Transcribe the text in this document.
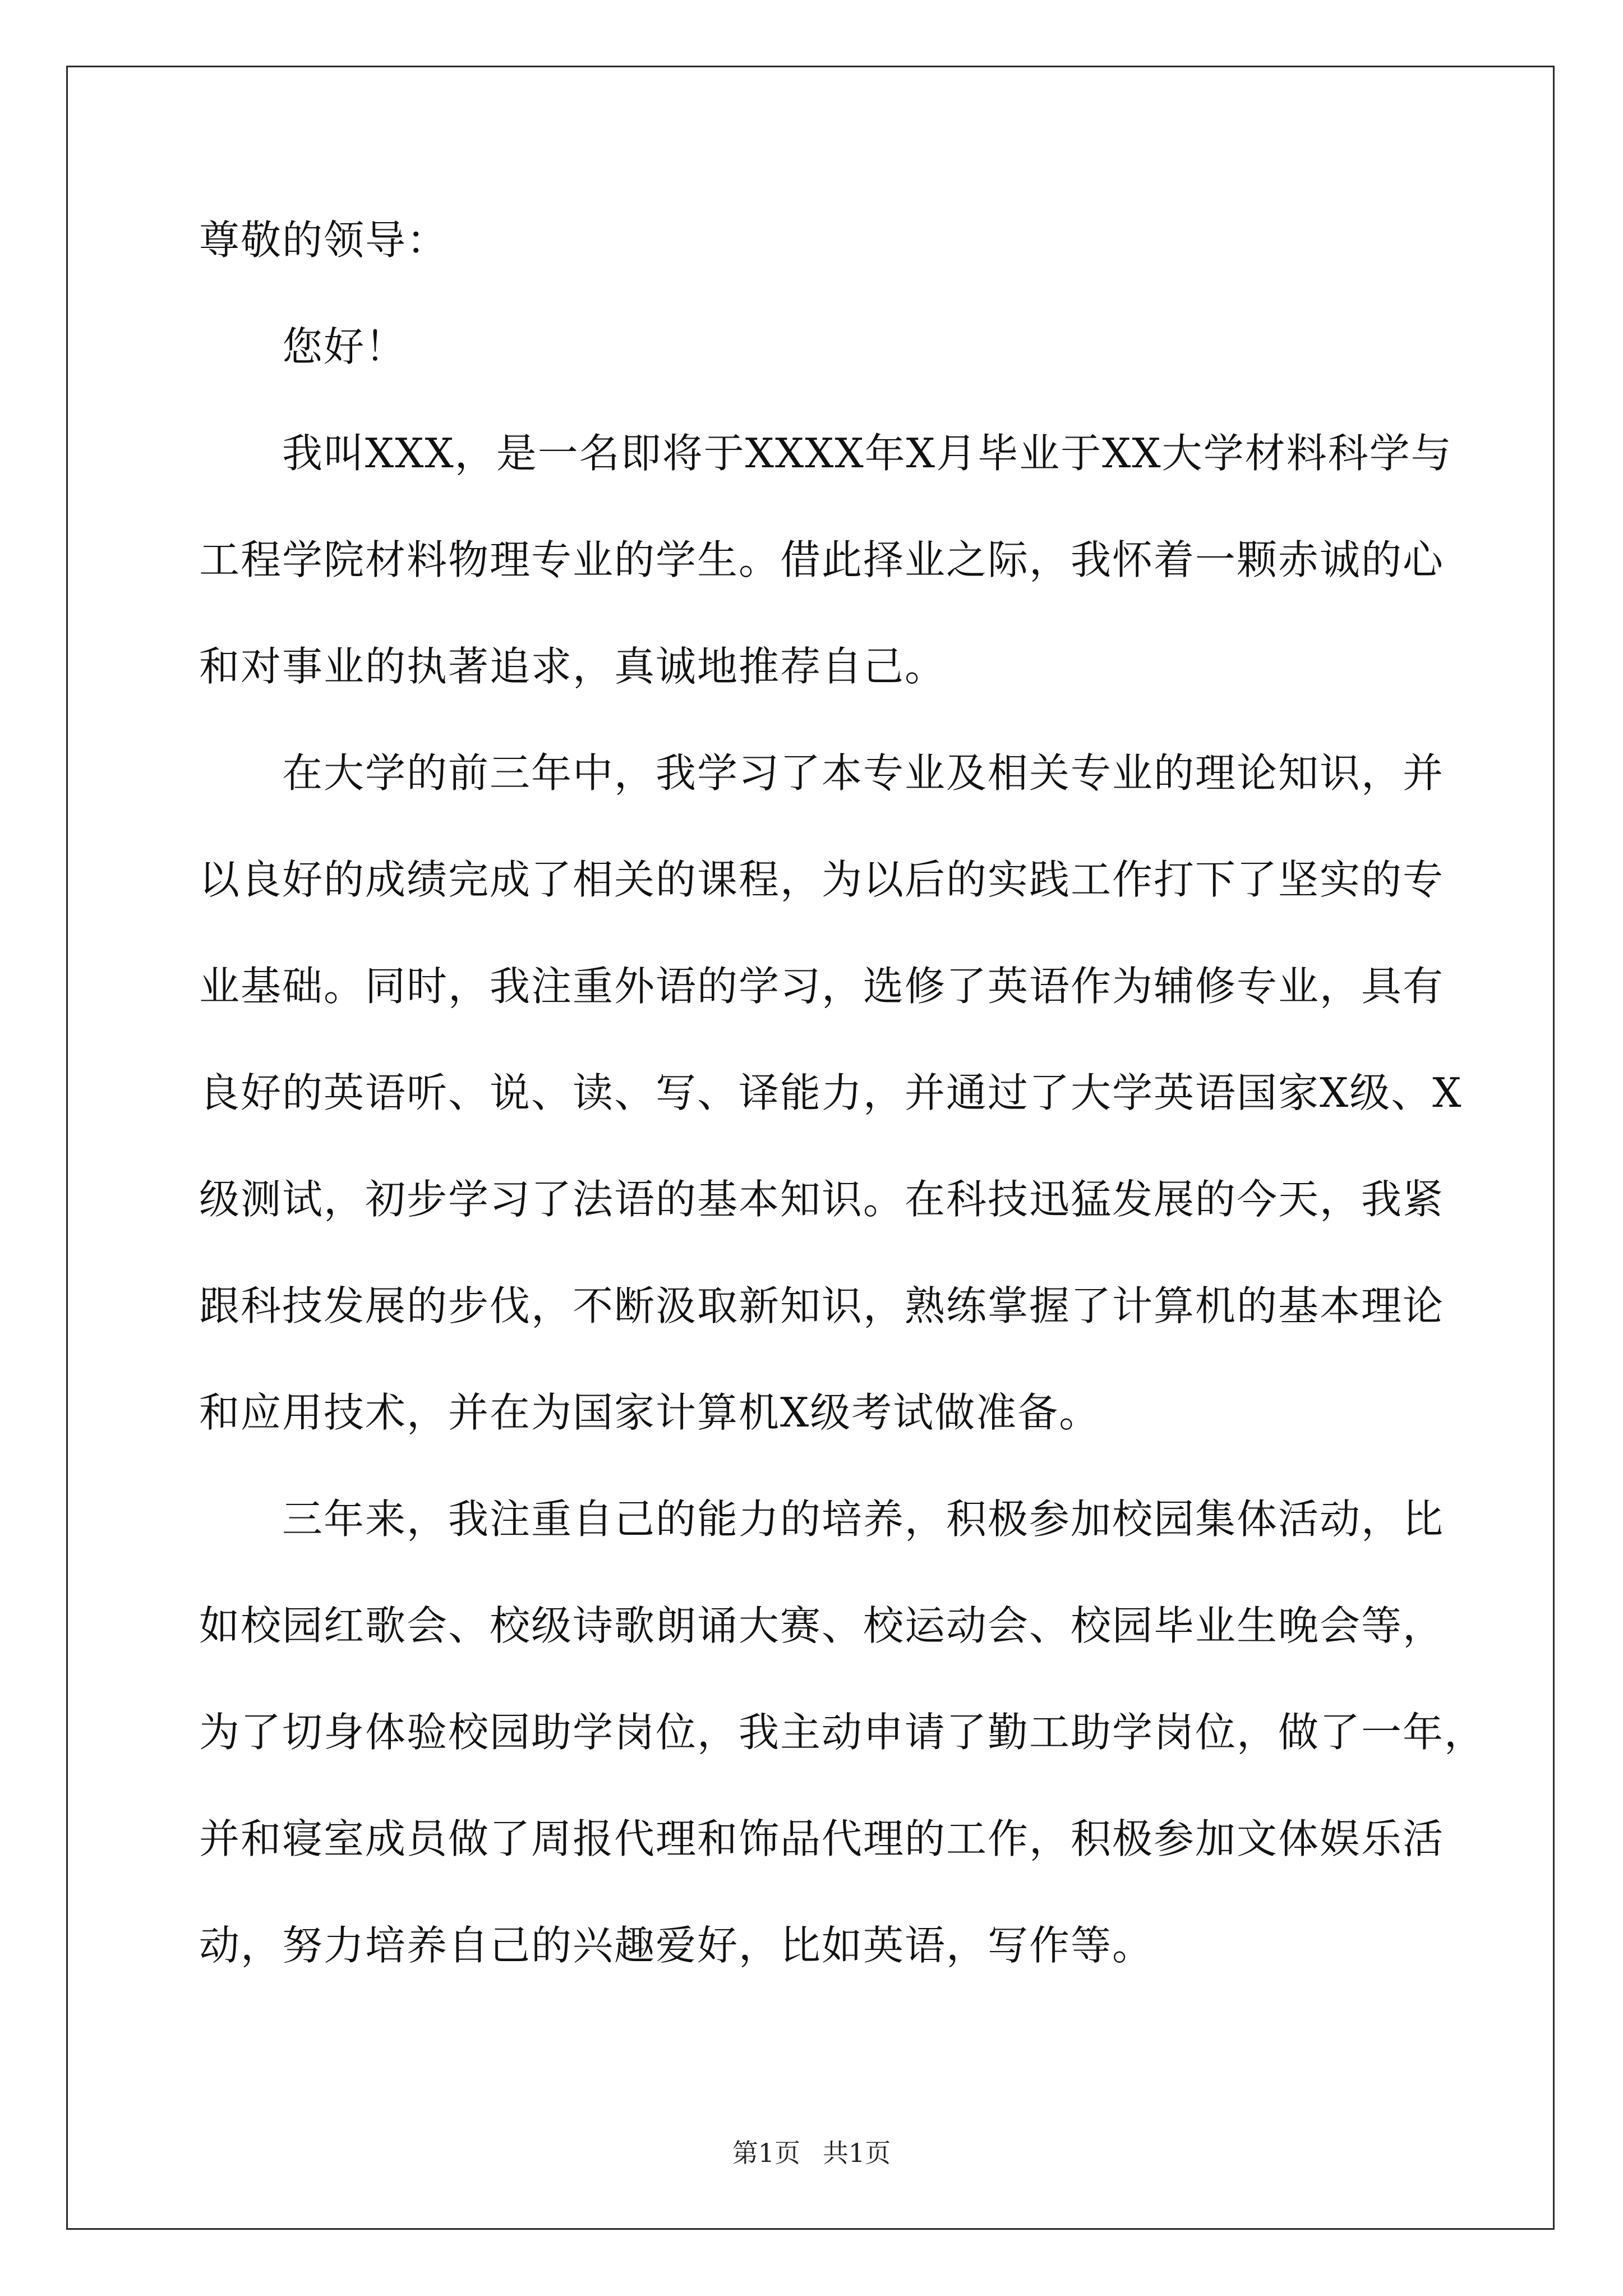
尊敬的领导：
您好！
我叫XXX，是一名即将于XXXX年X月毕业于XX大学材料科学与
工程学院材料物理专业的学生。借此择业之际，我怀着一颗赤诚的心
和对事业的执著追求，真诚地推荐自己。
在大学的前三年中，我学习了本专业及相关专业的理论知识，并
以良好的成绩完成了相关的课程，为以后的实践工作打下了坚实的专
业基础。同时，我注重外语的学习，选修了英语作为辅修专业，具有
良好的英语听、说、读、写、译能力，并通过了大学英语国家X级、X
级测试，初步学习了法语的基本知识。在科技迅猛发展的今天，我紧
跟科技发展的步伐，不断汲取新知识，熟练掌握了计算机的基本理论
和应用技术，并在为国家计算机X级考试做准备。
三年来，我注重自己的能力的培养，积极参加校园集体活动，比
如校园红歌会、校级诗歌朗诵大赛、校运动会、校园毕业生晚会等，
为了切身体验校园助学岗位，我主动申请了勤工助学岗位，做了一年，
并和寝室成员做了周报代理和饰品代理的工作，积极参加文体娱乐活
动，努力培养自己的兴趣爱好，比如英语，写作等。
第1页 共1页
